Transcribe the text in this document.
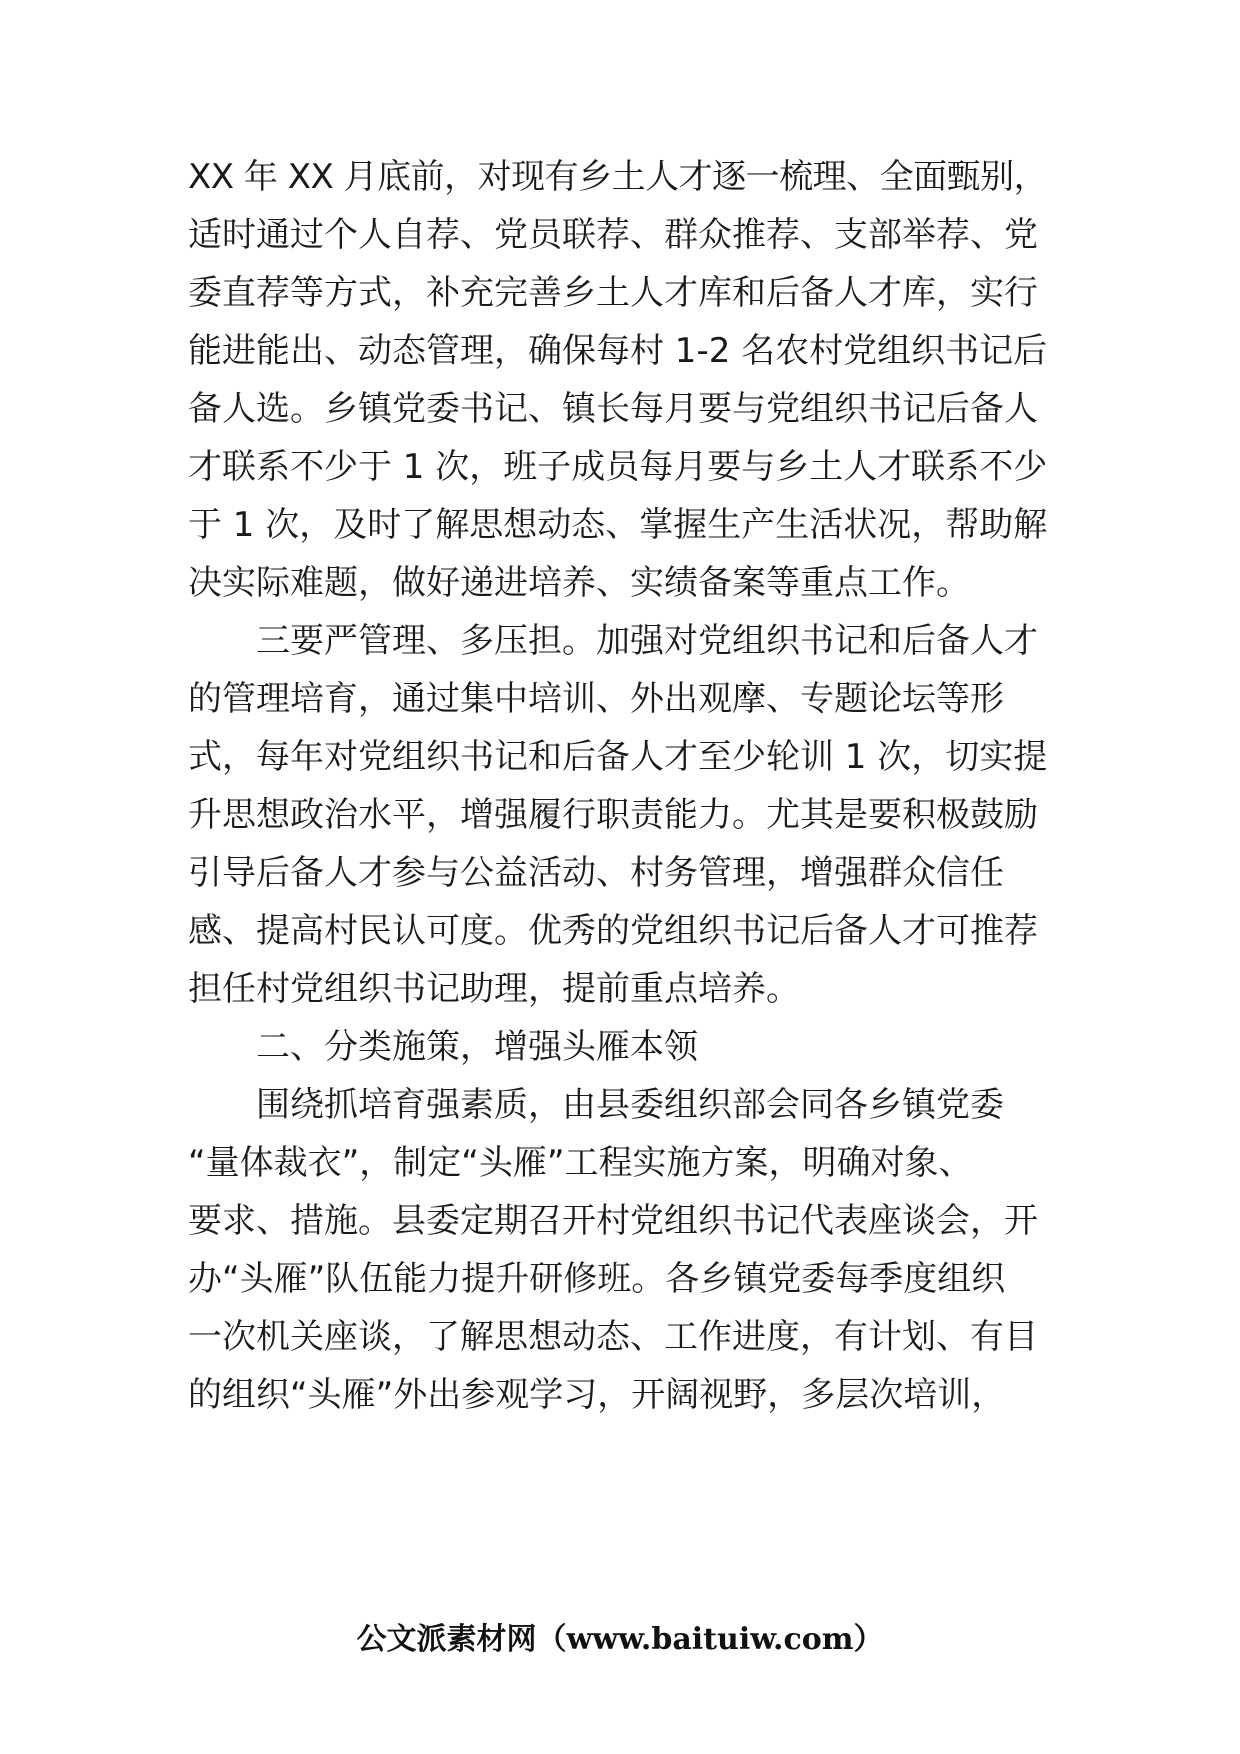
XX 年 XX 月底前，对现有乡土人才逐一梳理、全面甄别，
适时通过个人自荐、党员联荐、群众推荐、支部举荐、党
委直荐等方式，补充完善乡土人才库和后备人才库，实行
能进能出、动态管理，确保每村 1-2 名农村党组织书记后
备人选。乡镇党委书记、镇长每月要与党组织书记后备人
才联系不少于 1 次，班子成员每月要与乡土人才联系不少
于 1 次，及时了解思想动态、掌握生产生活状况，帮助解
决实际难题，做好递进培养、实绩备案等重点工作。
三要严管理、多压担。加强对党组织书记和后备人才
的管理培育，通过集中培训、外出观摩、专题论坛等形
式，每年对党组织书记和后备人才至少轮训 1 次，切实提
升思想政治水平，增强履行职责能力。尤其是要积极鼓励
引导后备人才参与公益活动、村务管理，增强群众信任
感、提高村民认可度。优秀的党组织书记后备人才可推荐
担任村党组织书记助理，提前重点培养。
二、分类施策，增强头雁本领
围绕抓培育强素质，由县委组织部会同各乡镇党委
“量体裁衣”，制定“头雁”工程实施方案，明确对象、
要求、措施。县委定期召开村党组织书记代表座谈会，开
办“头雁”队伍能力提升研修班。各乡镇党委每季度组织
一次机关座谈，了解思想动态、工作进度，有计划、有目
的组织“头雁”外出参观学习，开阔视野，多层次培训，
公文派素材网（www.baituiw.com）
